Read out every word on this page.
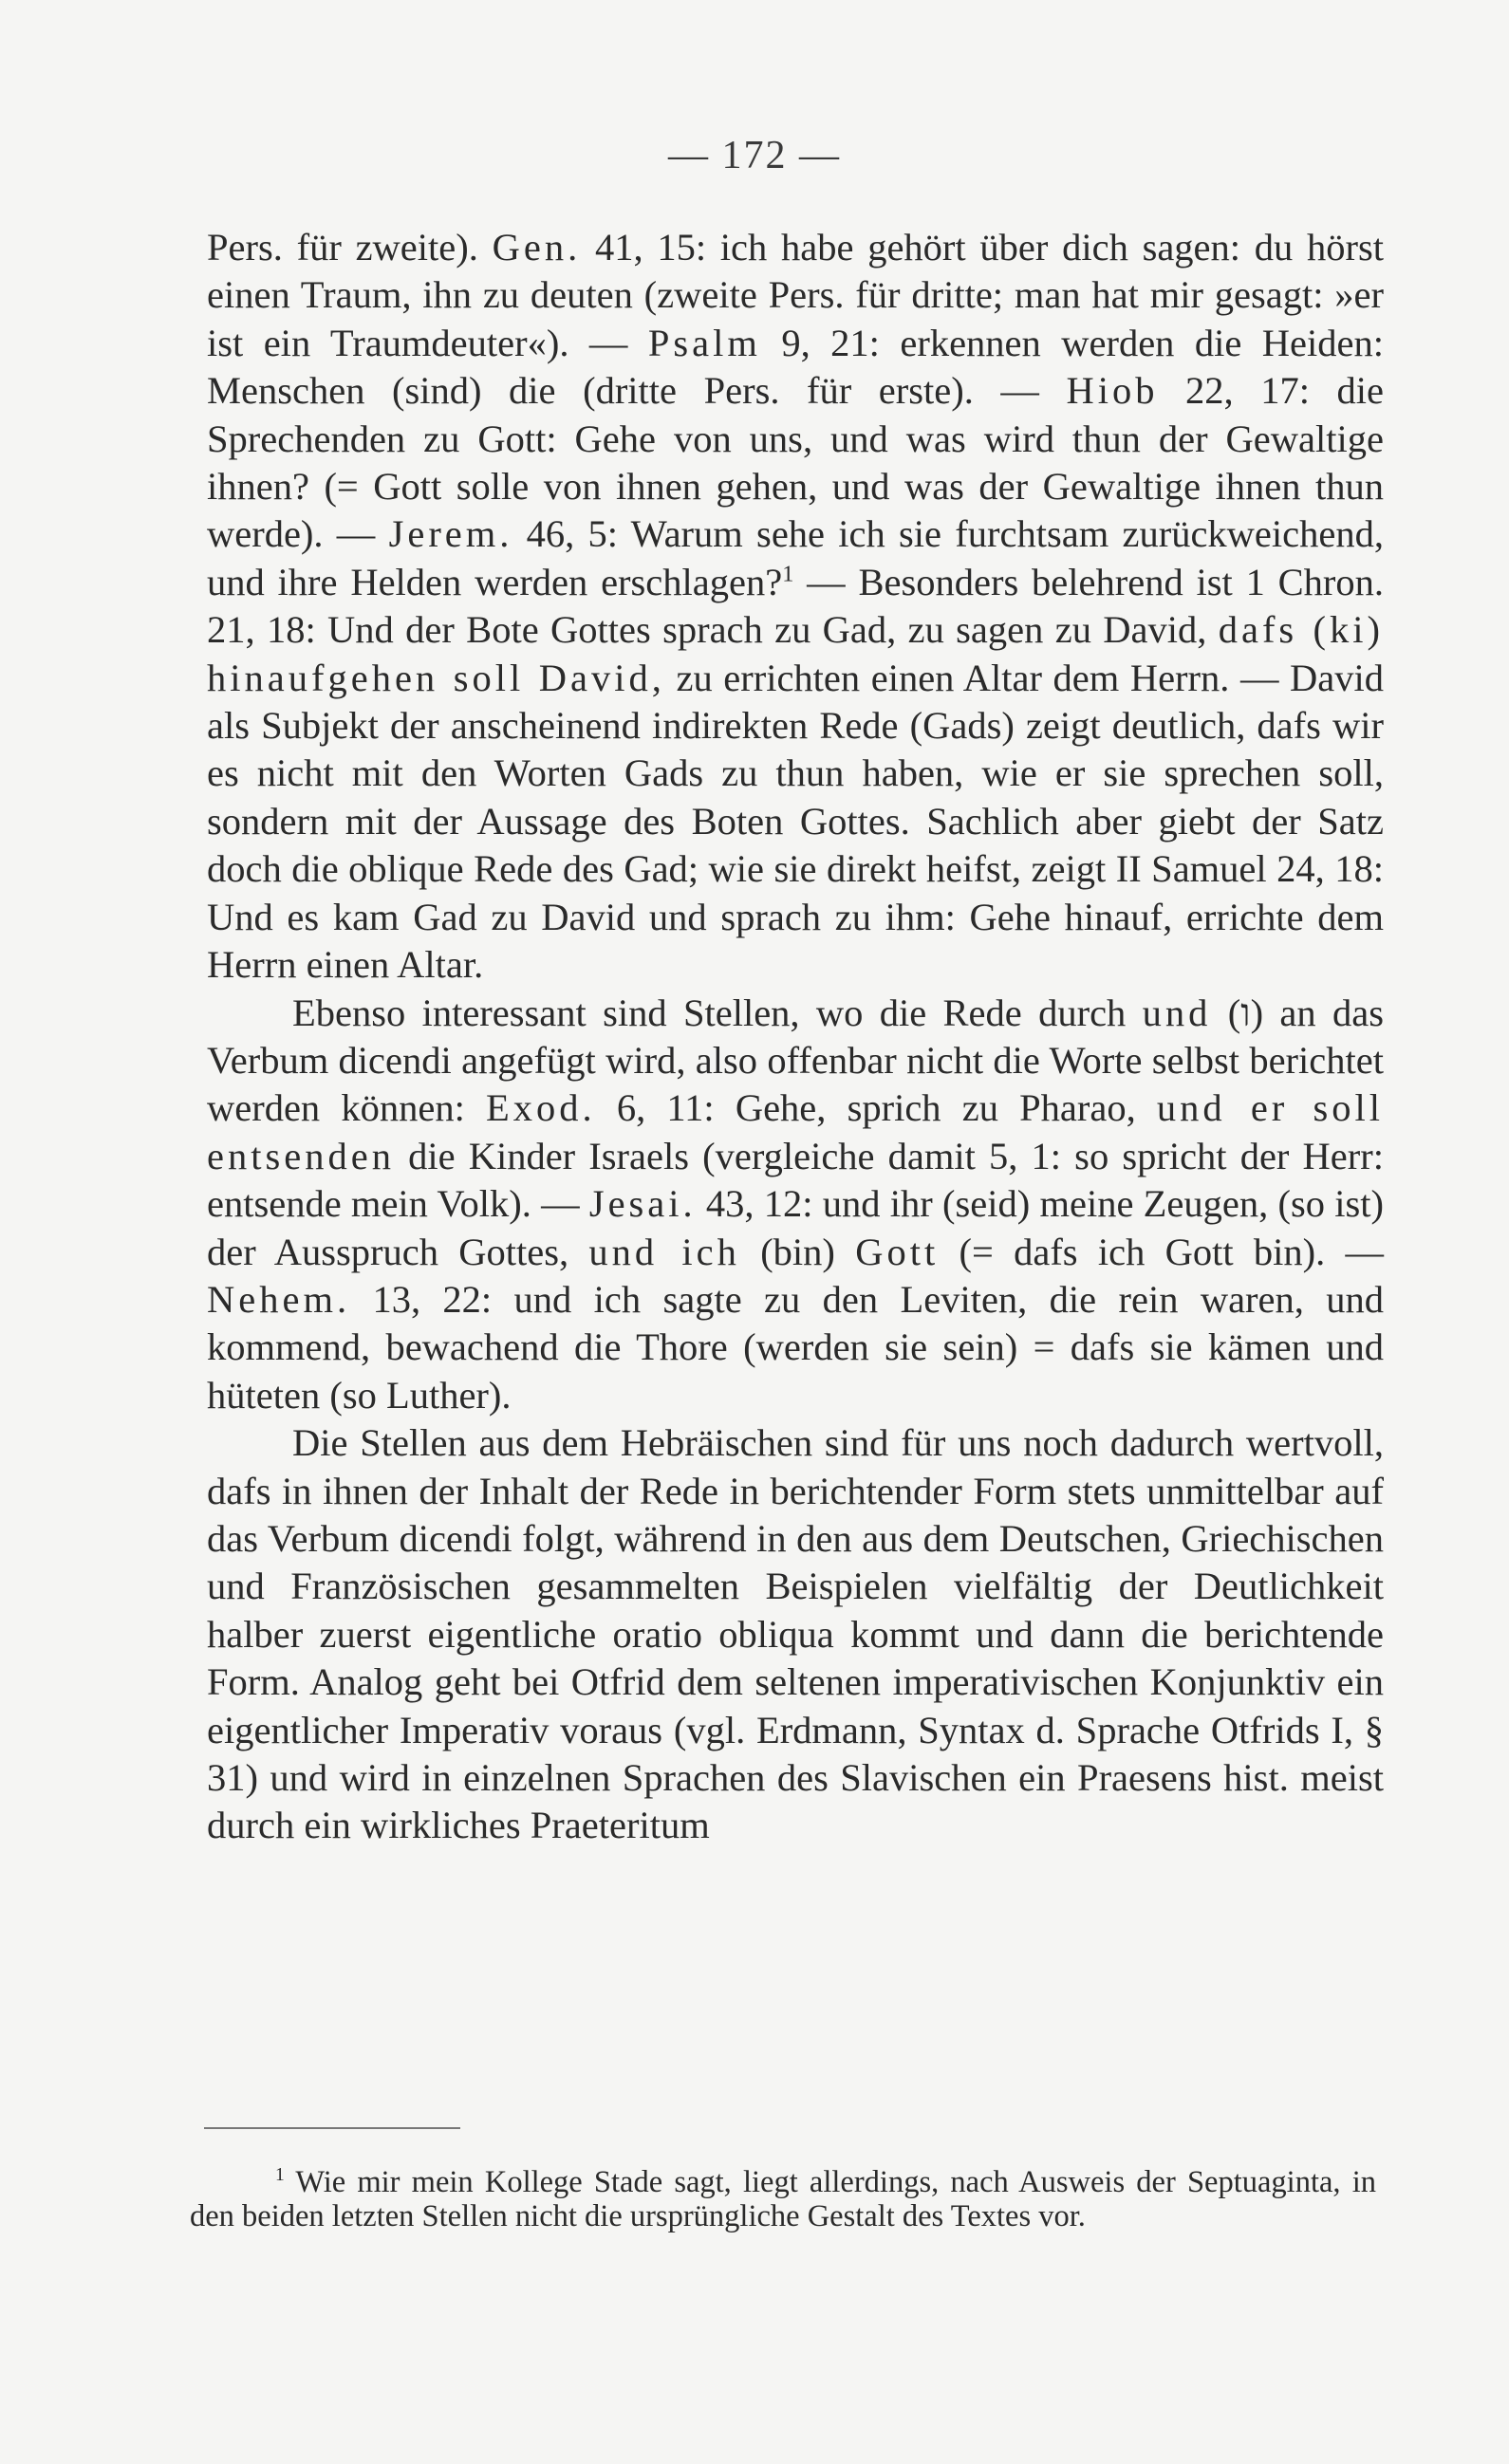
— 172 —

Pers. für zweite). Gen. 41, 15: ich habe gehört über dich sagen: du hörst einen Traum, ihn zu deuten (zweite Pers. für dritte; man hat mir gesagt: »er ist ein Traumdeuter«). — Psalm 9, 21: erkennen werden die Heiden: Menschen (sind) die (dritte Pers. für erste). — Hiob 22, 17: die Sprechenden zu Gott: Gehe von uns, und was wird thun der Gewaltige ihnen? (= Gott solle von ihnen gehen, und was der Gewaltige ihnen thun werde). — Jerem. 46, 5: Warum sehe ich sie furchtsam zurückweichend, und ihre Helden werden erschlagen?$^1$ — Besonders belehrend ist 1 Chron. 21, 18: Und der Bote Gottes sprach zu Gad, zu sagen zu David, dafs (ki) hinaufgehen soll David, zu errichten einen Altar dem Herrn. — David als Subjekt der anscheinend indirekten Rede (Gads) zeigt deutlich, dafs wir es nicht mit den Worten Gads zu thun haben, wie er sie sprechen soll, sondern mit der Aussage des Boten Gottes. Sachlich aber giebt der Satz doch die oblique Rede des Gad; wie sie direkt heifst, zeigt II Samuel 24, 18: Und es kam Gad zu David und sprach zu ihm: Gehe hinauf, errichte dem Herrn einen Altar.

Ebenso interessant sind Stellen, wo die Rede durch und (ו) an das Verbum dicendi angefügt wird, also offenbar nicht die Worte selbst berichtet werden können: Exod. 6, 11: Gehe, sprich zu Pharao, und er soll entsenden die Kinder Israels (vergleiche damit 5, 1: so spricht der Herr: entsende mein Volk). — Jesai. 43, 12: und ihr (seid) meine Zeugen, (so ist) der Ausspruch Gottes, und ich (bin) Gott (= dafs ich Gott bin). — Nehem. 13, 22: und ich sagte zu den Leviten, die rein waren, und kommend, bewachend die Thore (werden sie sein) = dafs sie kämen und hüteten (so Luther).

Die Stellen aus dem Hebräischen sind für uns noch dadurch wertvoll, dafs in ihnen der Inhalt der Rede in berichtender Form stets unmittelbar auf das Verbum dicendi folgt, während in den aus dem Deutschen, Griechischen und Französischen gesammelten Beispielen vielfältig der Deutlichkeit halber zuerst eigentliche oratio obliqua kommt und dann die berichtende Form. Analog geht bei Otfrid dem seltenen imperativischen Konjunktiv ein eigentlicher Imperativ voraus (vgl. Erdmann, Syntax d. Sprache Otfrids I, § 31) und wird in einzelnen Sprachen des Slavischen ein Praesens hist. meist durch ein wirkliches Praeteritum

$^1$ Wie mir mein Kollege Stade sagt, liegt allerdings, nach Ausweis der Septuaginta, in den beiden letzten Stellen nicht die ursprüngliche Gestalt des Textes vor.
